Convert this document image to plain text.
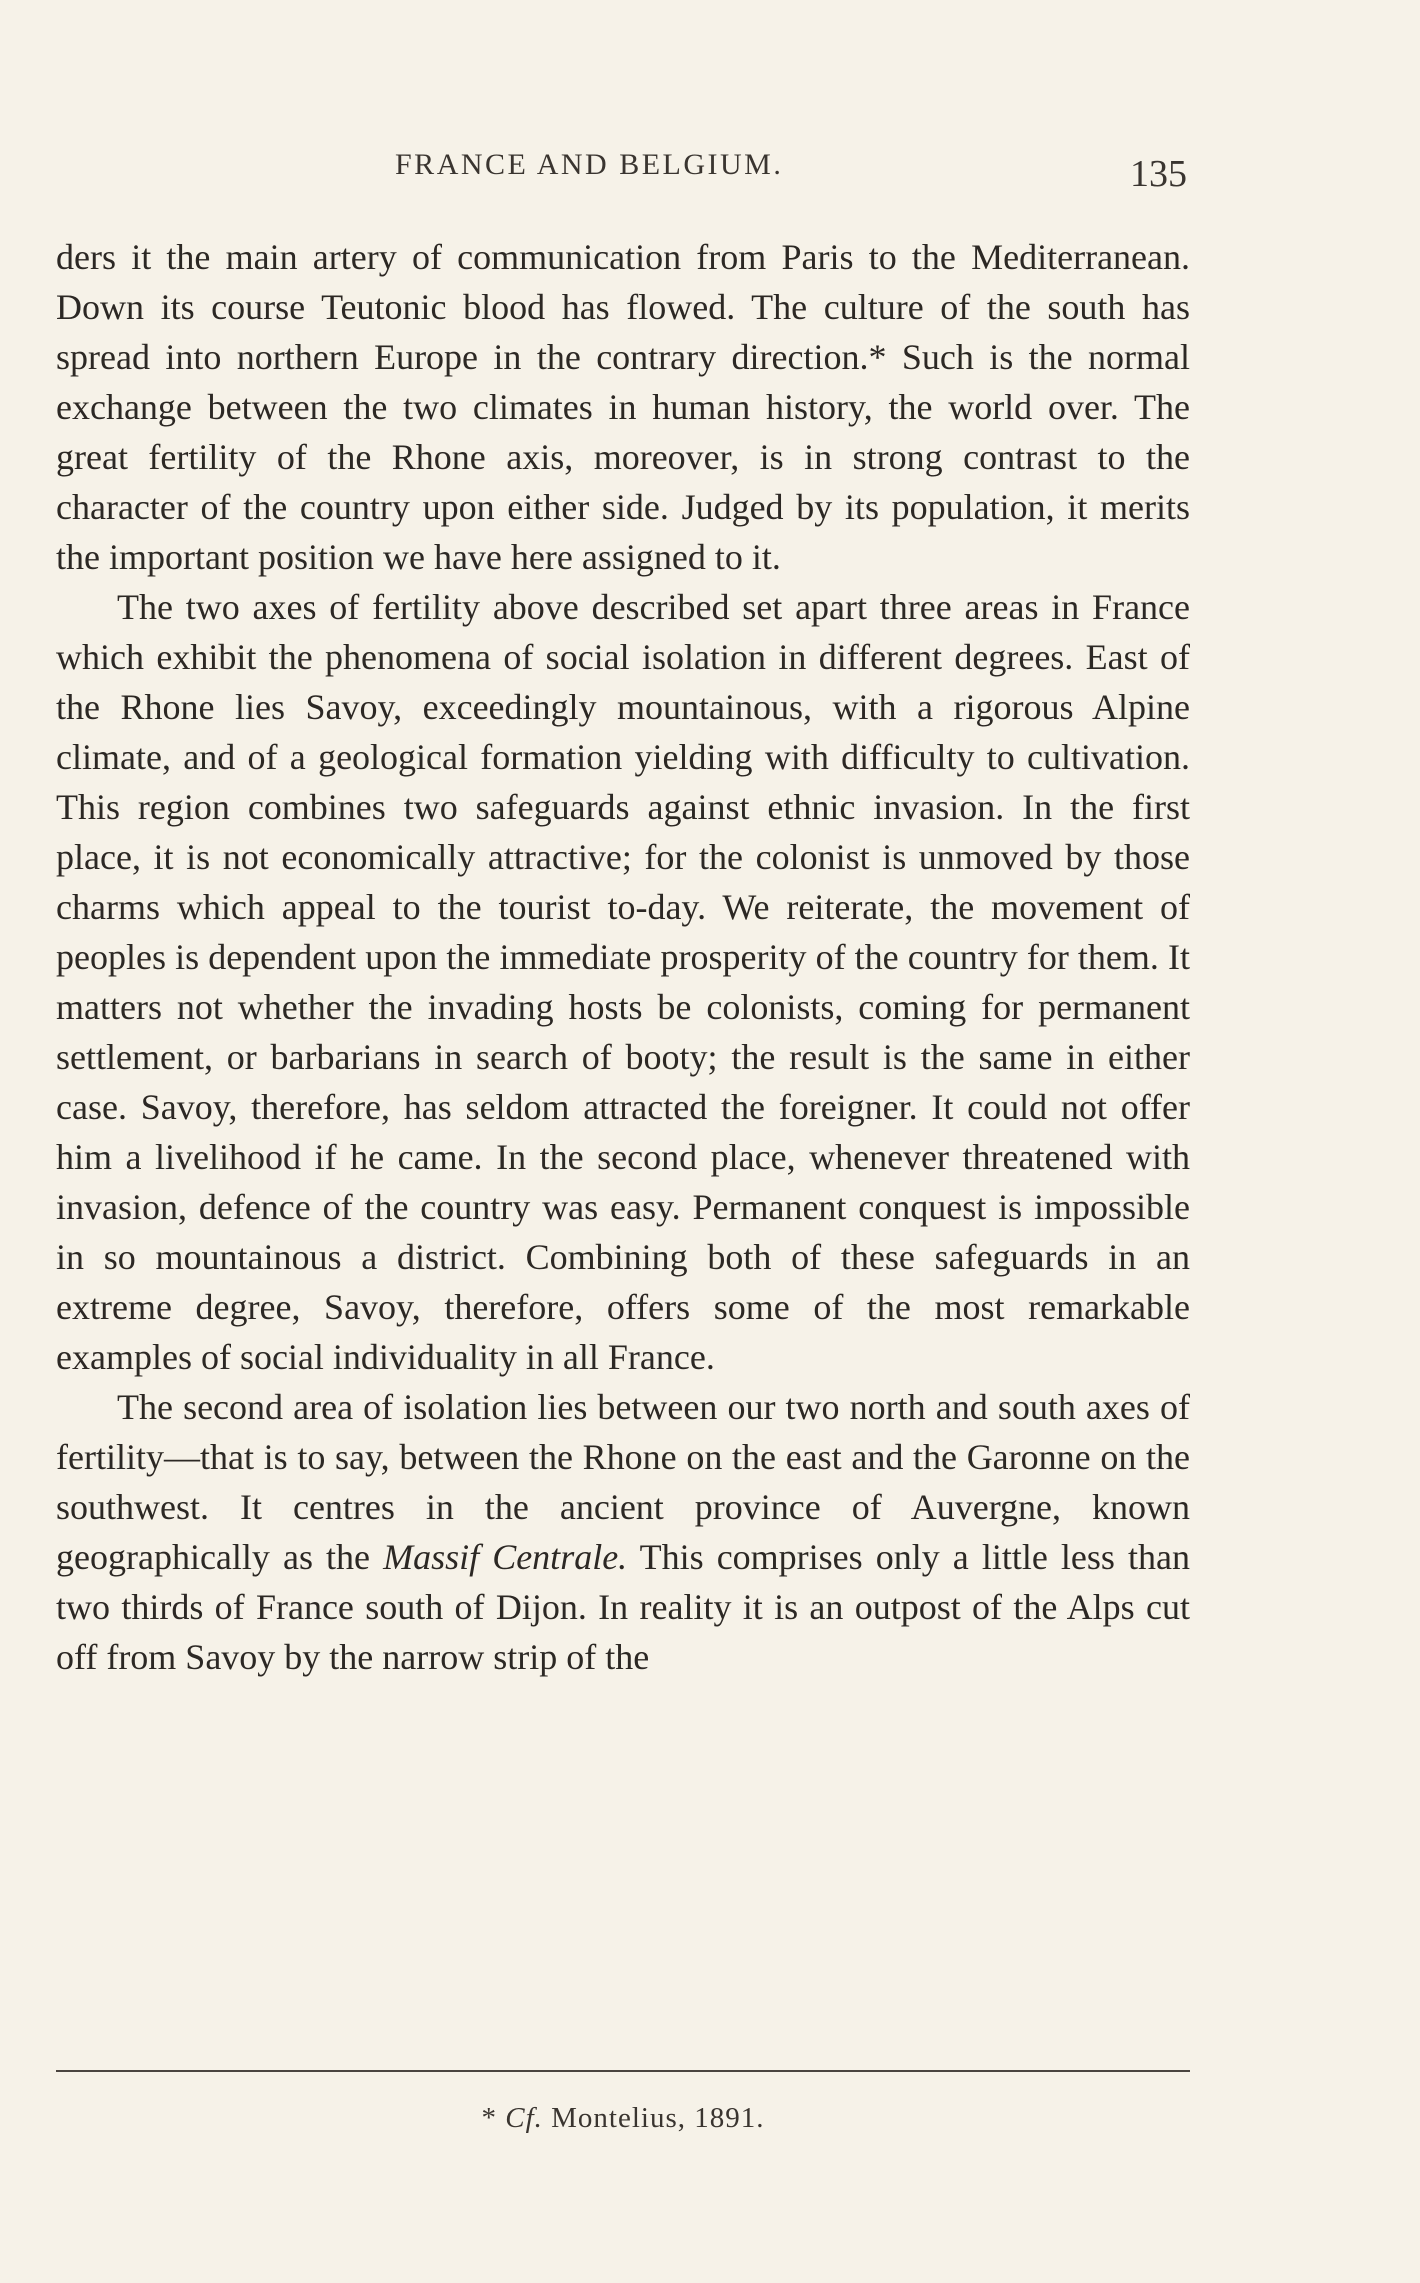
FRANCE AND BELGIUM.	135

ders it the main artery of communication from Paris to the Mediterranean. Down its course Teutonic blood has flowed. The culture of the south has spread into northern Europe in the contrary direction.* Such is the normal exchange between the two climates in human history, the world over. The great fertility of the Rhone axis, moreover, is in strong contrast to the character of the country upon either side. Judged by its population, it merits the important position we have here assigned to it.

The two axes of fertility above described set apart three areas in France which exhibit the phenomena of social isolation in different degrees. East of the Rhone lies Savoy, exceedingly mountainous, with a rigorous Alpine climate, and of a geological formation yielding with difficulty to cultivation. This region combines two safeguards against ethnic invasion. In the first place, it is not economically attractive; for the colonist is unmoved by those charms which appeal to the tourist to-day. We reiterate, the movement of peoples is dependent upon the immediate prosperity of the country for them. It matters not whether the invading hosts be colonists, coming for permanent settlement, or barbarians in search of booty; the result is the same in either case. Savoy, therefore, has seldom attracted the foreigner. It could not offer him a livelihood if he came. In the second place, whenever threatened with invasion, defence of the country was easy. Permanent conquest is impossible in so mountainous a district. Combining both of these safeguards in an extreme degree, Savoy, therefore, offers some of the most remarkable examples of social individuality in all France.

The second area of isolation lies between our two north and south axes of fertility—that is to say, between the Rhone on the east and the Garonne on the southwest. It centres in the ancient province of Auvergne, known geographically as the Massif Centrale. This comprises only a little less than two thirds of France south of Dijon. In reality it is an outpost of the Alps cut off from Savoy by the narrow strip of the

* Cf. Montelius, 1891.
